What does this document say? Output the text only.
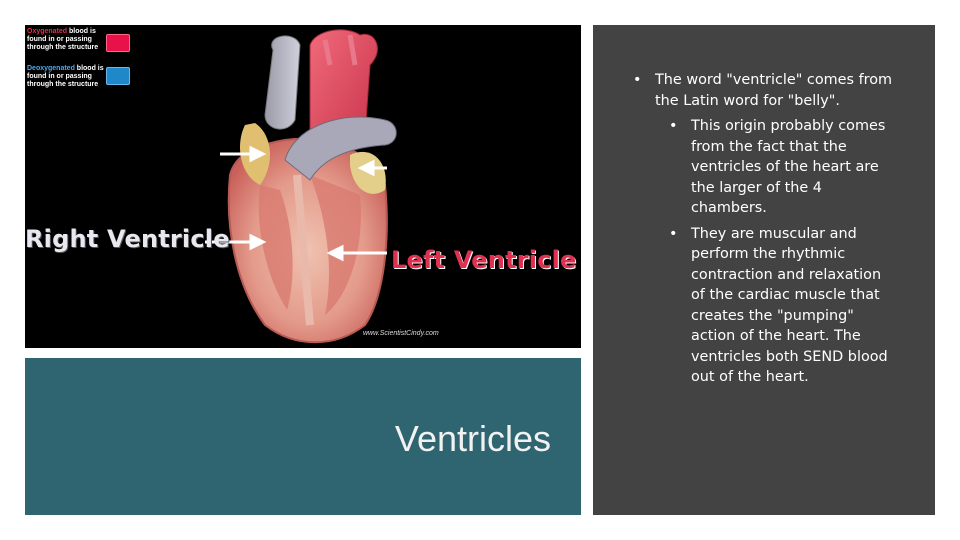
Oxygenated blood is found in or passing through the structure
Deoxygenated blood is found in or passing through the structure
Right Ventricle
Left Ventricle
www.ScientistCindy.com
Ventricles
• The word "ventricle" comes from the Latin word for "belly".
• This origin probably comes from the fact that the ventricles of the heart are the larger of the 4 chambers.
• They are muscular and perform the rhythmic contraction and relaxation of the cardiac muscle that creates the "pumping" action of the heart. The ventricles both SEND blood out of the heart.
